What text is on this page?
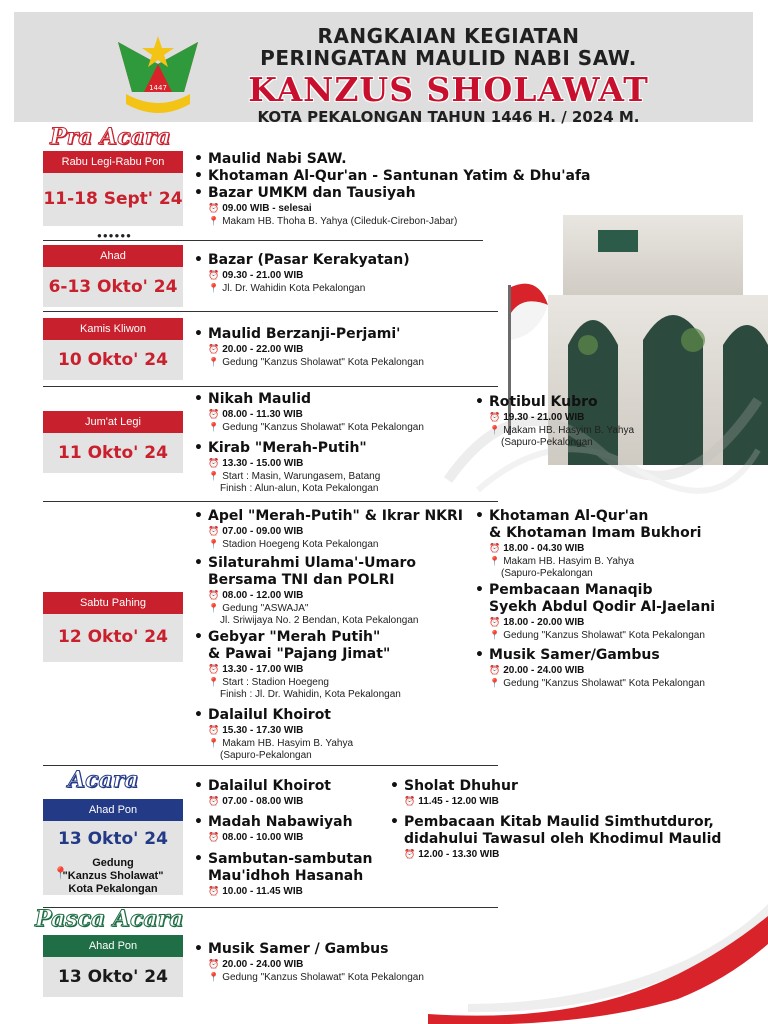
1447
RANGKAIAN KEGIATAN
PERINGATAN MAULID NABI SAW.
KANZUS SHOLAWAT
KOTA PEKALONGAN TAHUN 1446 H. / 2024 M.
Pra Acara
Rabu Legi-Rabu Pon
11-18 Sept' 24
• Maulid Nabi SAW.
• Khotaman Al-Qur'an - Santunan Yatim & Dhu'afa
• Bazar UMKM dan Tausiyah
⏰ 09.00 WIB - selesai
📍 Makam HB. Thoha B. Yahya (Cileduk-Cirebon-Jabar)
●●●●●●
Ahad
6-13 Okto' 24
• Bazar (Pasar Kerakyatan)
⏰ 09.30 - 21.00 WIB
📍 Jl. Dr. Wahidin Kota Pekalongan
Kamis Kliwon
10 Okto' 24
• Maulid Berzanji-Perjami'
⏰ 20.00 - 22.00 WIB
📍 Gedung "Kanzus Sholawat" Kota Pekalongan
Jum'at Legi
11 Okto' 24
• Nikah Maulid
⏰ 08.00 - 11.30 WIB
📍 Gedung "Kanzus Sholawat" Kota Pekalongan
• Kirab "Merah-Putih"
⏰ 13.30 - 15.00 WIB
📍 Start : Masin, Warungasem, Batang
Finish : Alun-alun, Kota Pekalongan
• Rotibul Kubro
⏰ 19.30 - 21.00 WIB
📍 Makam HB. Hasyim B. Yahya
(Sapuro-Pekalongan
Sabtu Pahing
12 Okto' 24
• Apel "Merah-Putih" & Ikrar NKRI
⏰ 07.00 - 09.00 WIB
📍 Stadion Hoegeng Kota Pekalongan
• Silaturahmi Ulama'-Umaro
Bersama TNI dan POLRI
⏰ 08.00 - 12.00 WIB
📍 Gedung "ASWAJA"
Jl. Sriwijaya No. 2 Bendan, Kota Pekalongan
• Gebyar "Merah Putih"
& Pawai "Pajang Jimat"
⏰ 13.30 - 17.00 WIB
📍 Start : Stadion Hoegeng
Finish : Jl. Dr. Wahidin, Kota Pekalongan
• Dalailul Khoirot
⏰ 15.30 - 17.30 WIB
📍 Makam HB. Hasyim B. Yahya
(Sapuro-Pekalongan
• Khotaman Al-Qur'an
& Khotaman Imam Bukhori
⏰ 18.00 - 04.30 WIB
📍 Makam HB. Hasyim B. Yahya
(Sapuro-Pekalongan
• Pembacaan Manaqib
Syekh Abdul Qodir Al-Jaelani
⏰ 18.00 - 20.00 WIB
📍 Gedung "Kanzus Sholawat" Kota Pekalongan
• Musik Samer/Gambus
⏰ 20.00 - 24.00 WIB
📍 Gedung "Kanzus Sholawat" Kota Pekalongan
Acara
Ahad Pon
13 Okto' 24
📍
Gedung
"Kanzus Sholawat"
Kota Pekalongan
• Dalailul Khoirot
⏰ 07.00 - 08.00 WIB
• Madah Nabawiyah
⏰ 08.00 - 10.00 WIB
• Sambutan-sambutan
Mau'idhoh Hasanah
⏰ 10.00 - 11.45 WIB
• Sholat Dhuhur
⏰ 11.45 - 12.00 WIB
• Pembacaan Kitab Maulid Simthutduror,
didahului Tawasul oleh Khodimul Maulid
⏰ 12.00 - 13.30 WIB
Pasca Acara
Ahad Pon
13 Okto' 24
• Musik Samer / Gambus
⏰ 20.00 - 24.00 WIB
📍 Gedung "Kanzus Sholawat" Kota Pekalongan
